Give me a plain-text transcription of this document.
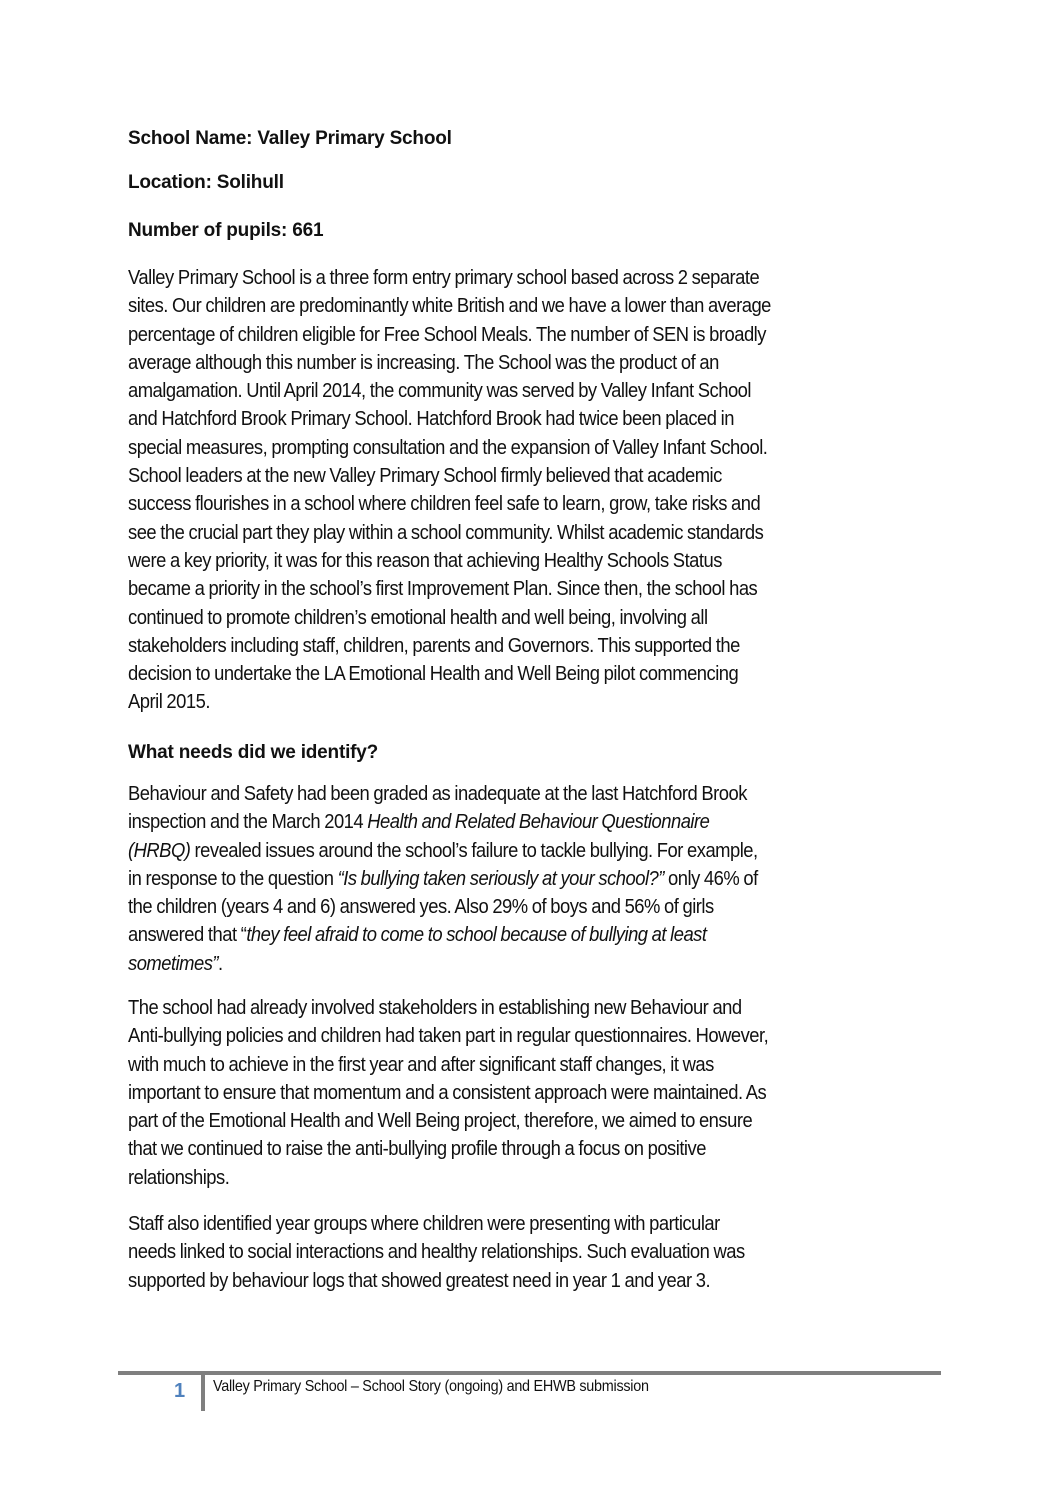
School Name: Valley Primary School
Location: Solihull
Number of pupils: 661
Valley Primary School is a three form entry primary school based across 2 separate
sites. Our children are predominantly white British and we have a lower than average
percentage of children eligible for Free School Meals. The number of SEN is broadly
average although this number is increasing. The School was the product of an
amalgamation. Until April 2014, the community was served by Valley Infant School
and Hatchford Brook Primary School. Hatchford Brook had twice been placed in
special measures, prompting consultation and the expansion of Valley Infant School.
School leaders at the new Valley Primary School firmly believed that academic
success flourishes in a school where children feel safe to learn, grow, take risks and
see the crucial part they play within a school community. Whilst academic standards
were a key priority, it was for this reason that achieving Healthy Schools Status
became a priority in the school’s first Improvement Plan. Since then, the school has
continued to promote children’s emotional health and well being, involving all
stakeholders including staff, children, parents and Governors. This supported the
decision to undertake the LA Emotional Health and Well Being pilot commencing
April 2015.
What needs did we identify?
Behaviour and Safety had been graded as inadequate at the last Hatchford Brook
inspection and the March 2014 Health and Related Behaviour Questionnaire
(HRBQ) revealed issues around the school’s failure to tackle bullying. For example,
in response to the question “Is bullying taken seriously at your school?” only 46% of
the children (years 4 and 6) answered yes. Also 29% of boys and 56% of girls
answered that “they feel afraid to come to school because of bullying at least
sometimes”.
The school had already involved stakeholders in establishing new Behaviour and
Anti-bullying policies and children had taken part in regular questionnaires. However,
with much to achieve in the first year and after significant staff changes, it was
important to ensure that momentum and a consistent approach were maintained. As
part of the Emotional Health and Well Being project, therefore, we aimed to ensure
that we continued to raise the anti-bullying profile through a focus on positive
relationships.
Staff also identified year groups where children were presenting with particular
needs linked to social interactions and healthy relationships. Such evaluation was
supported by behaviour logs that showed greatest need in year 1 and year 3.
1 Valley Primary School – School Story (ongoing) and EHWB submission
